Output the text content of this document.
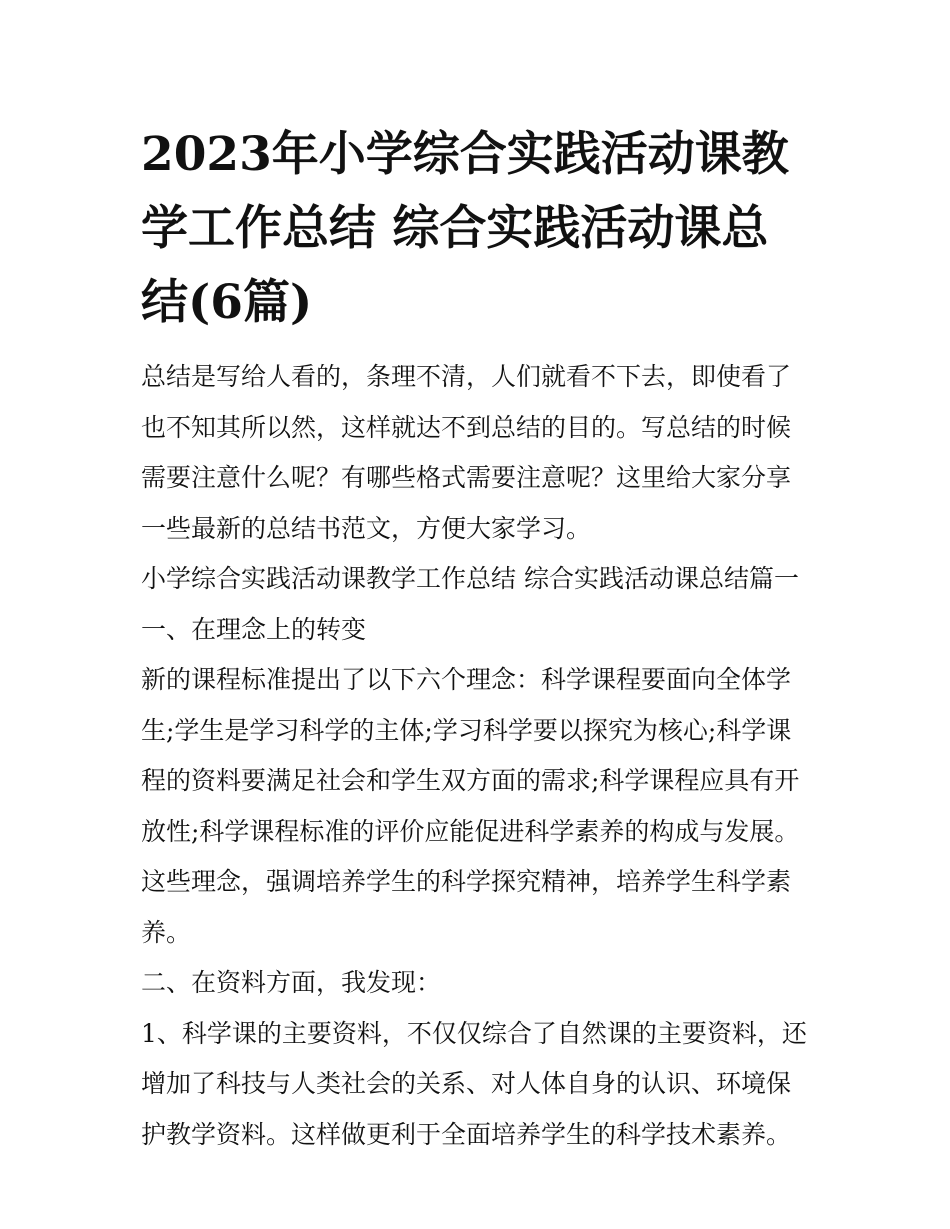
2023年小学综合实践活动课教学工作总结 综合实践活动课总结(6篇)

总结是写给人看的，条理不清，人们就看不下去，即使看了也不知其所以然，这样就达不到总结的目的。写总结的时候需要注意什么呢？有哪些格式需要注意呢？这里给大家分享一些最新的总结书范文，方便大家学习。

小学综合实践活动课教学工作总结 综合实践活动课总结篇一

一、在理念上的转变

新的课程标准提出了以下六个理念：科学课程要面向全体学生;学生是学习科学的主体;学习科学要以探究为核心;科学课程的资料要满足社会和学生双方面的需求;科学课程应具有开放性;科学课程标准的评价应能促进科学素养的构成与发展。这些理念，强调培养学生的科学探究精神，培养学生科学素养。

二、在资料方面，我发现：

1、科学课的主要资料，不仅仅综合了自然课的主要资料，还增加了科技与人类社会的关系、对人体自身的认识、环境保护教学资料。这样做更利于全面培养学生的科学技术素养。
